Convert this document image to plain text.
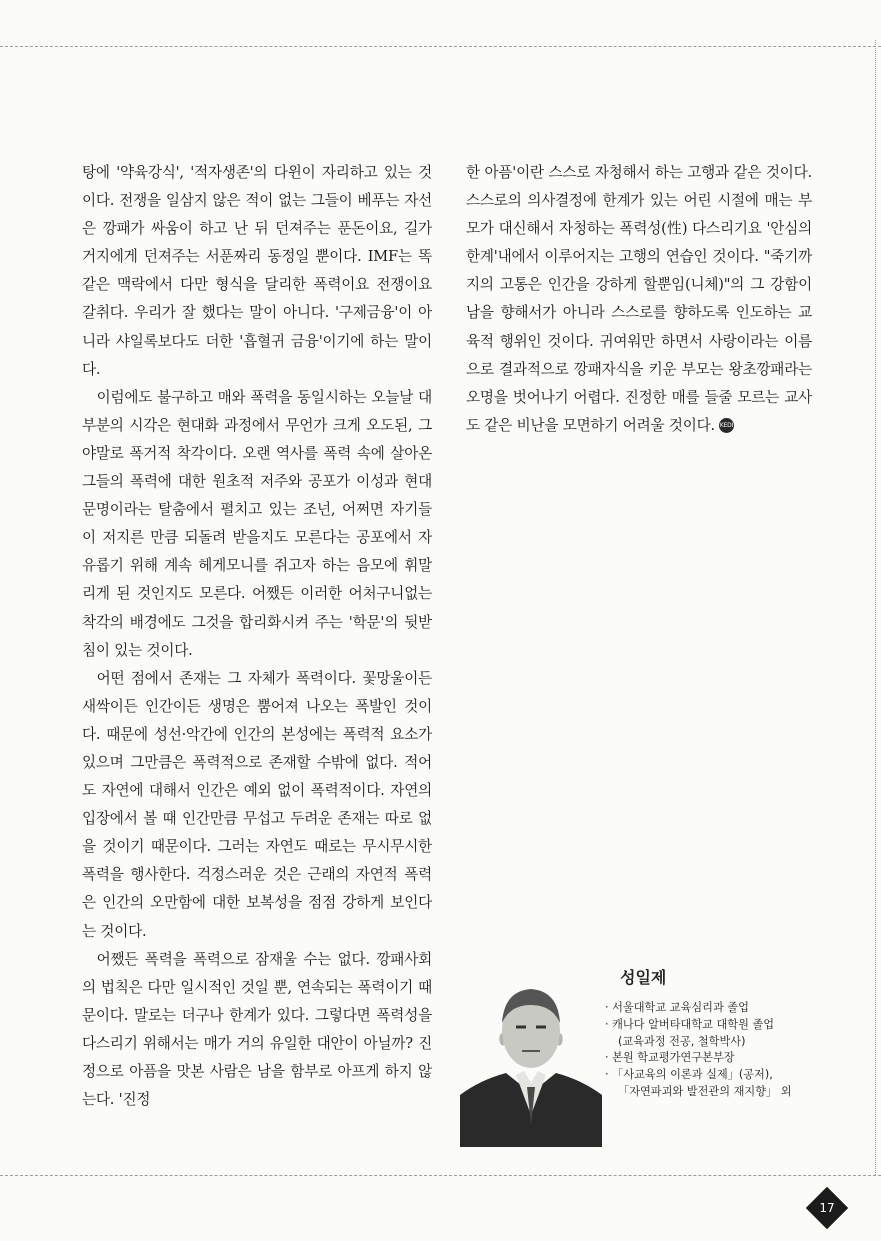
탕에 '약육강식', '적자생존'의 다윈이 자리하고 있는 것이다. 전쟁을 일삼지 않은 적이 없는 그들이 베푸는 자선은 깡패가 싸움이 하고 난 뒤 던져주는 푼돈이요, 길가 거지에게 던져주는 서푼짜리 동정일 뿐이다. IMF는 똑같은 맥락에서 다만 형식을 달리한 폭력이요 전쟁이요 갈취다. 우리가 잘 했다는 말이 아니다. '구제금융'이 아니라 샤일록보다도 더한 '흡혈귀 금융'이기에 하는 말이다.

이럼에도 불구하고 매와 폭력을 동일시하는 오늘날 대부분의 시각은 현대화 과정에서 무언가 크게 오도된, 그야말로 폭거적 착각이다. 오랜 역사를 폭력 속에 살아온 그들의 폭력에 대한 원초적 저주와 공포가 이성과 현대문명이라는 탈춤에서 펼치고 있는 조넌, 어쩌면 자기들이 저지른 만큼 되돌려 받을지도 모른다는 공포에서 자유롭기 위해 계속 헤게모니를 쥐고자 하는 음모에 휘말리게 된 것인지도 모른다. 어쨌든 이러한 어처구니없는 착각의 배경에도 그것을 합리화시켜 주는 '학문'의 뒷받침이 있는 것이다.

어떤 점에서 존재는 그 자체가 폭력이다. 꽃망울이든 새싹이든 인간이든 생명은 뿜어져 나오는 폭발인 것이다. 때문에 성선·악간에 인간의 본성에는 폭력적 요소가 있으며 그만큼은 폭력적으로 존재할 수밖에 없다. 적어도 자연에 대해서 인간은 예외 없이 폭력적이다. 자연의 입장에서 볼 때 인간만큼 무섭고 두려운 존재는 따로 없을 것이기 때문이다. 그러는 자연도 때로는 무시무시한 폭력을 행사한다. 걱정스러운 것은 근래의 자연적 폭력은 인간의 오만함에 대한 보복성을 점점 강하게 보인다는 것이다.

어쨌든 폭력을 폭력으로 잠재울 수는 없다. 깡패사회의 법칙은 다만 일시적인 것일 뿐, 연속되는 폭력이기 때문이다. 말로는 더구나 한계가 있다. 그렇다면 폭력성을 다스리기 위해서는 매가 거의 유일한 대안이 아닐까? 진정으로 아픔을 맛본 사람은 남을 함부로 아프게 하지 않는다. '진정

한 아픔'이란 스스로 자청해서 하는 고행과 같은 것이다. 스스로의 의사결정에 한계가 있는 어린 시절에 매는 부모가 대신해서 자청하는 폭력성(性) 다스리기요 '안심의 한계'내에서 이루어지는 고행의 연습인 것이다. "죽기까지의 고통은 인간을 강하게 할뿐임(니체)"의 그 강함이 남을 향해서가 아니라 스스로를 향하도록 인도하는 교육적 행위인 것이다. 귀여워만 하면서 사랑이라는 이름으로 결과적으로 깡패자식을 키운 부모는 왕초깡패라는 오명을 벗어나기 어렵다. 진정한 매를 들줄 모르는 교사도 같은 비난을 모면하기 어려울 것이다. KEDI

성일제
· 서울대학교 교육심리과 졸업
· 캐나다 알버타대학교 대학원 졸업
(교육과정 전공, 철학박사)
· 본원 학교평가연구본부장
· 「사교육의 이론과 실제」(공저),
「자연파괴와 발전관의 재지향」 외
17
